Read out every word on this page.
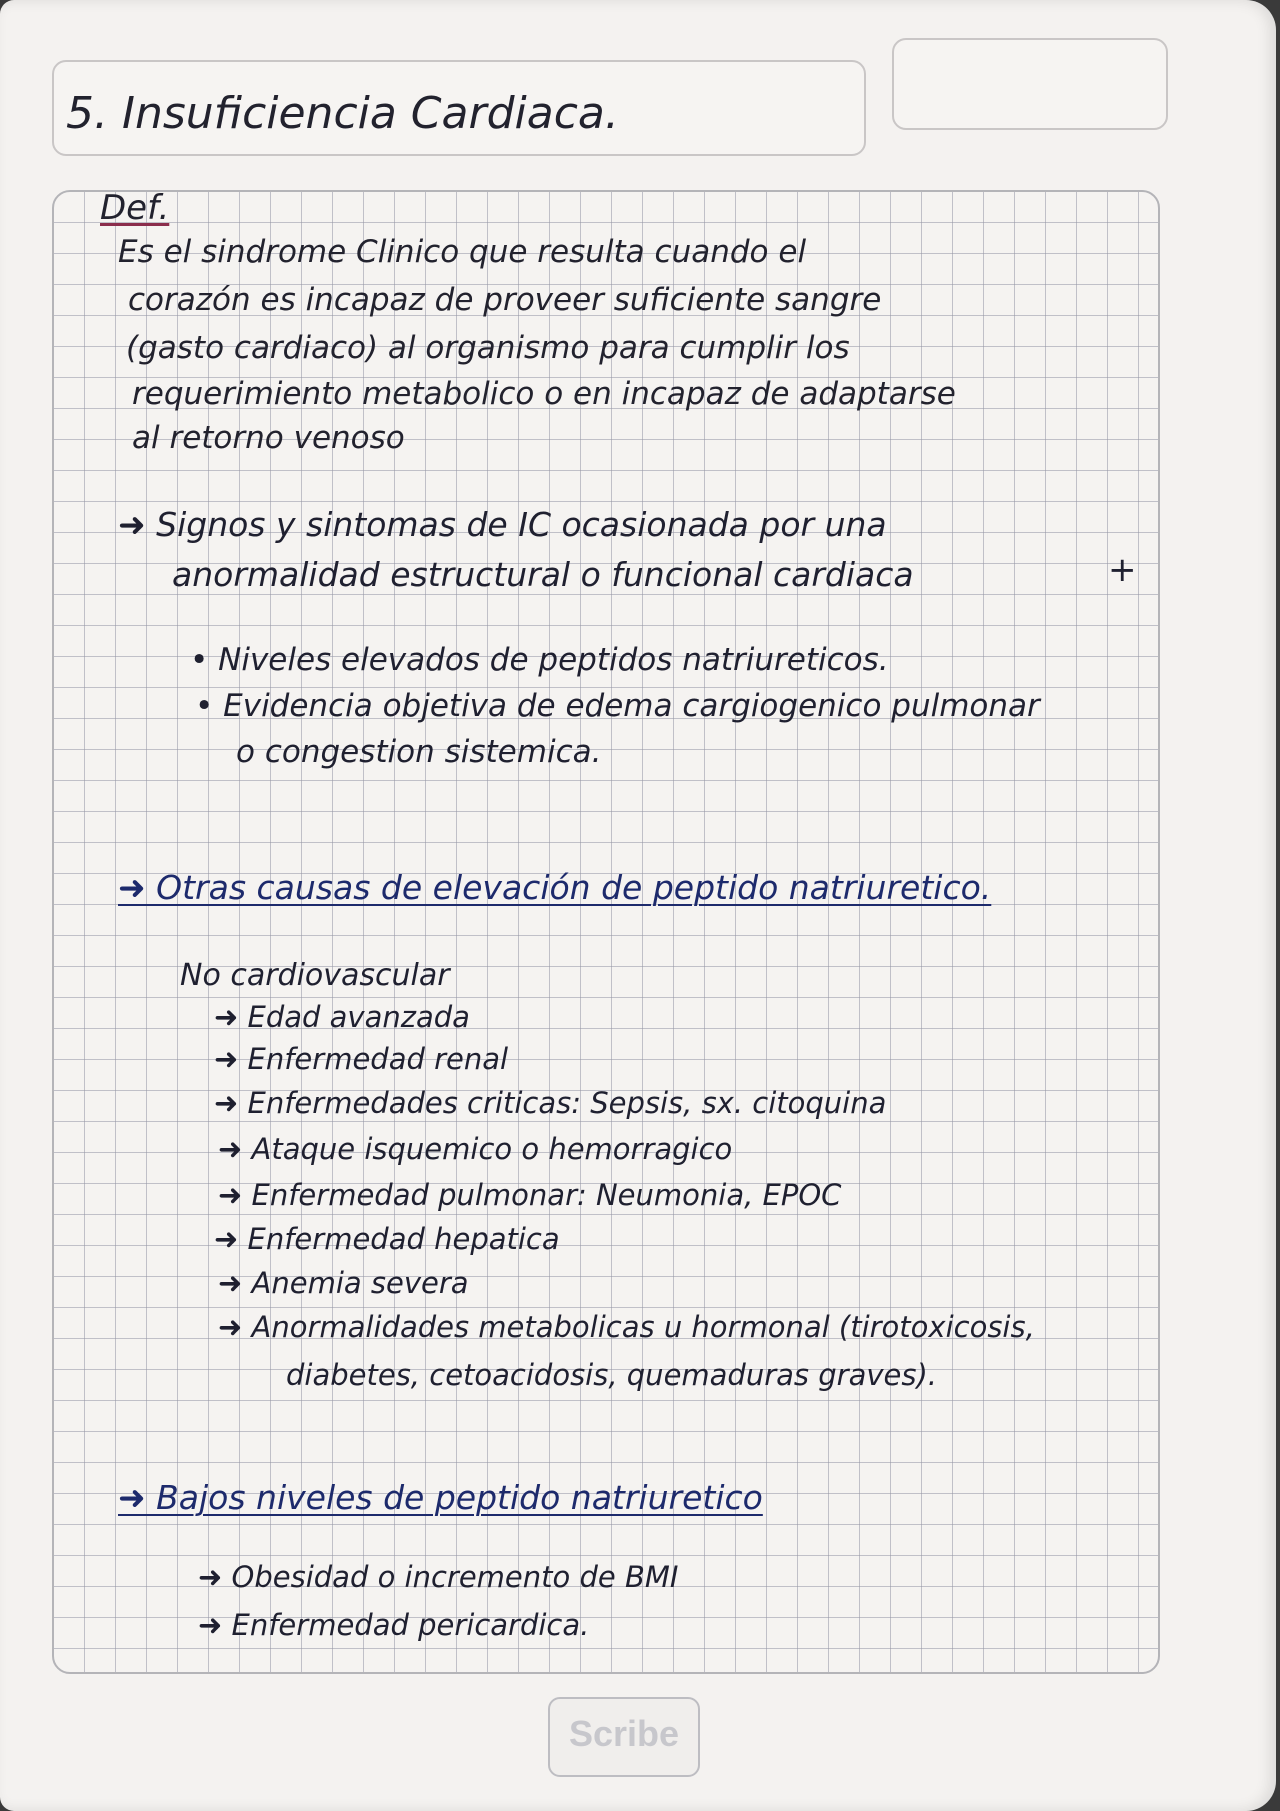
5. Insuficiencia Cardiaca.
Def.
Es el sindrome Clinico que resulta cuando el
corazón es incapaz de proveer suficiente sangre
(gasto cardiaco) al organismo para cumplir los
requerimiento metabolico o en incapaz de adaptarse
al retorno venoso
➜ Signos y sintomas de IC ocasionada por una
anormalidad estructural o funcional cardiaca	+
• Niveles elevados de peptidos natriureticos.
• Evidencia objetiva de edema cargiogenico pulmonar
o congestion sistemica.
➜ Otras causas de elevación de peptido natriuretico.
No cardiovascular
➜ Edad avanzada
➜ Enfermedad renal
➜ Enfermedades criticas: Sepsis, sx. citoquina
➜ Ataque isquemico o hemorragico
➜ Enfermedad pulmonar: Neumonia, EPOC
➜ Enfermedad hepatica
➜ Anemia severa
➜ Anormalidades metabolicas u hormonal (tirotoxicosis,
diabetes, cetoacidosis, quemaduras graves).
➜ Bajos niveles de peptido natriuretico
➜ Obesidad o incremento de BMI
➜ Enfermedad pericardica.
Scribe
